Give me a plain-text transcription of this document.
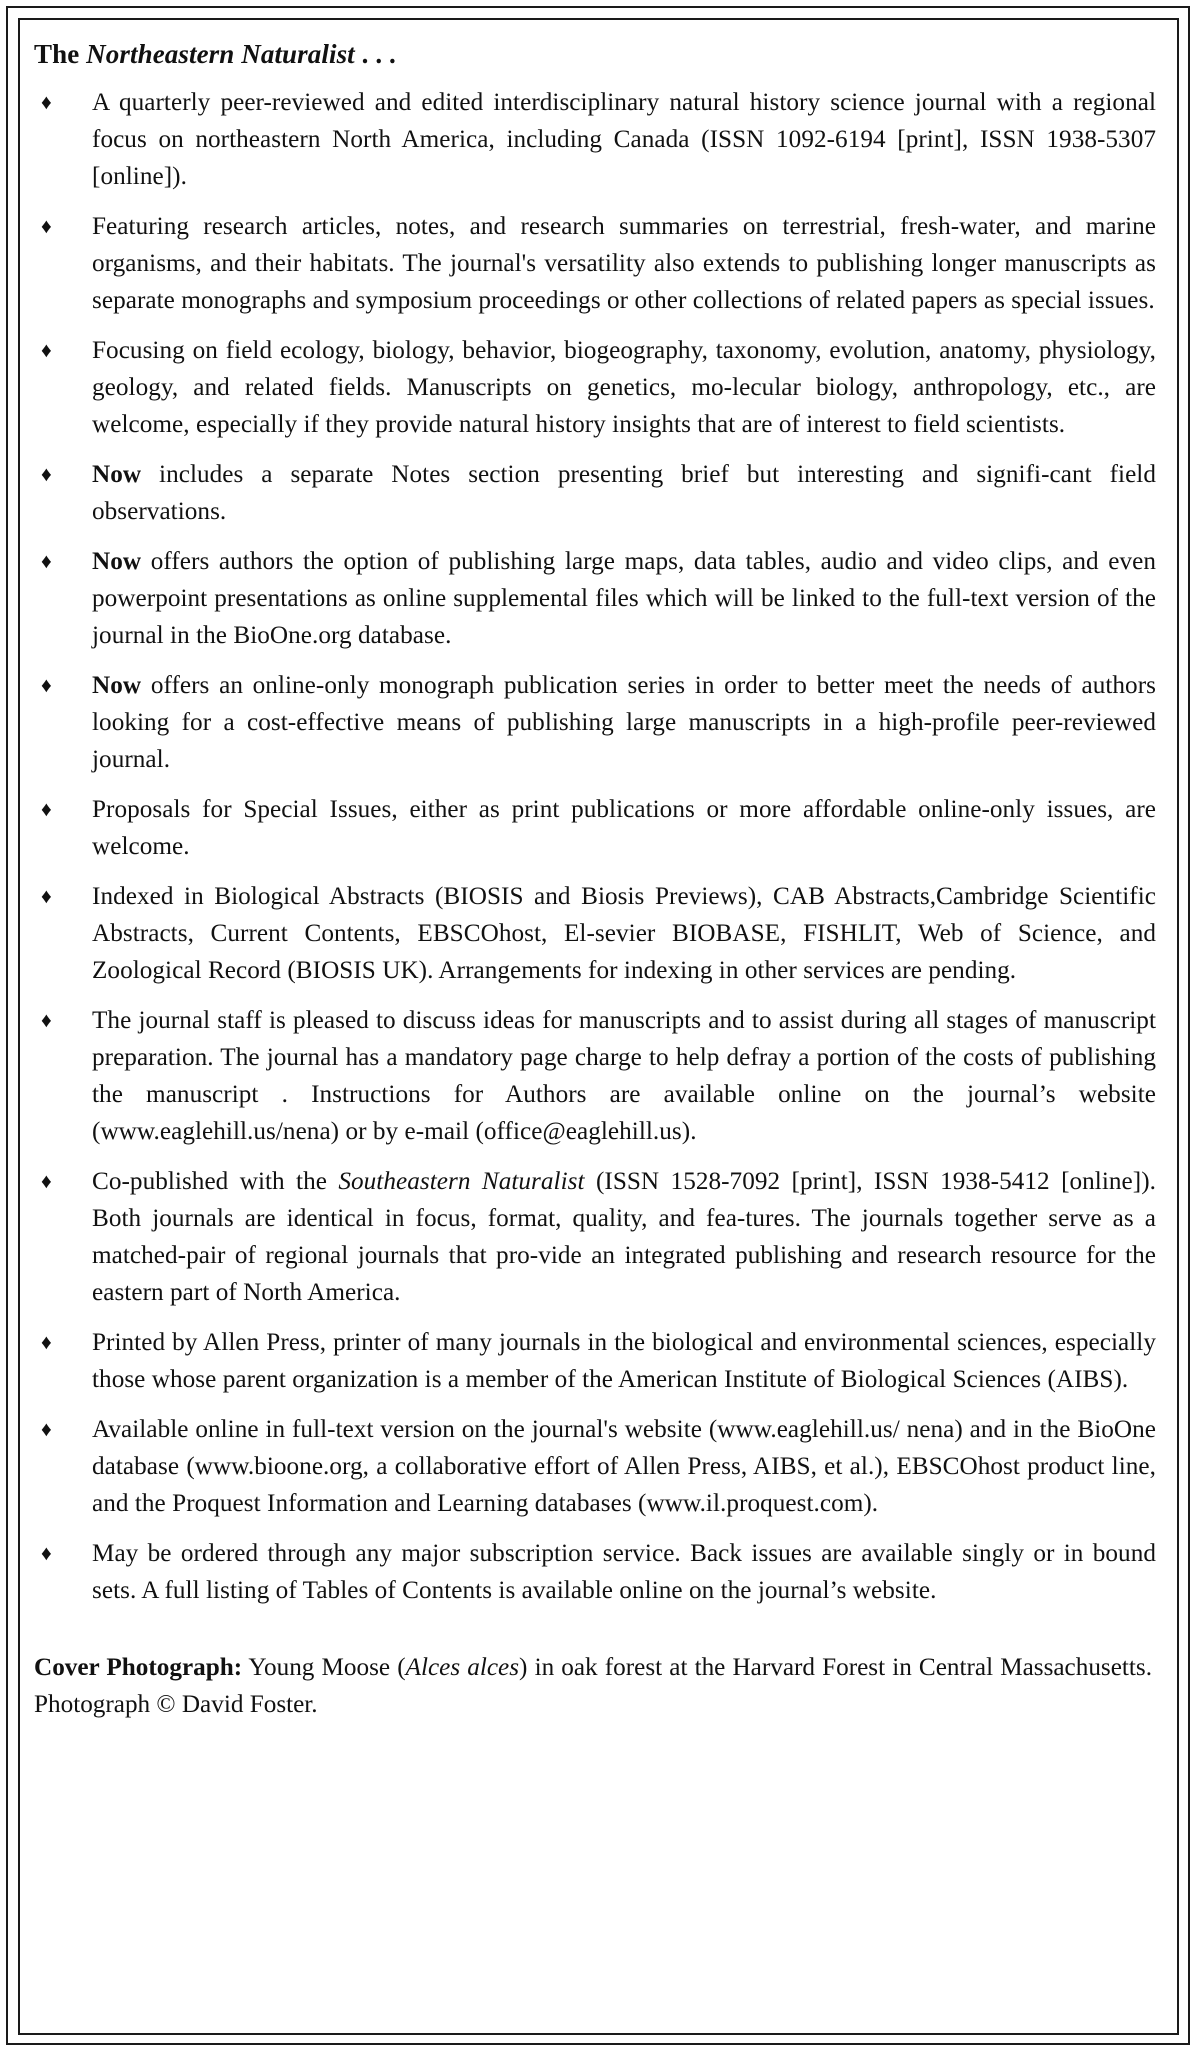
The Northeastern Naturalist . . .
♦ A quarterly peer-reviewed and edited interdisciplinary natural history science journal with a regional focus on northeastern North America, including Canada (ISSN 1092-6194 [print], ISSN 1938-5307 [online]).
♦ Featuring research articles, notes, and research summaries on terrestrial, fresh-water, and marine organisms, and their habitats. The journal's versatility also extends to publishing longer manuscripts as separate monographs and symposium proceedings or other collections of related papers as special issues.
♦ Focusing on field ecology, biology, behavior, biogeography, taxonomy, evolution, anatomy, physiology, geology, and related fields. Manuscripts on genetics, mo-lecular biology, anthropology, etc., are welcome, especially if they provide natural history insights that are of interest to field scientists.
♦ Now includes a separate Notes section presenting brief but interesting and signifi-cant field observations.
♦ Now offers authors the option of publishing large maps, data tables, audio and video clips, and even powerpoint presentations as online supplemental files which will be linked to the full-text version of the journal in the BioOne.org database.
♦ Now offers an online-only monograph publication series in order to better meet the needs of authors looking for a cost-effective means of publishing large manuscripts in a high-profile peer-reviewed journal.
♦ Proposals for Special Issues, either as print publications or more affordable online-only issues, are welcome.
♦ Indexed in Biological Abstracts (BIOSIS and Biosis Previews), CAB Abstracts,Cambridge Scientific Abstracts, Current Contents, EBSCOhost, El-sevier BIOBASE, FISHLIT, Web of Science, and Zoological Record (BIOSIS UK). Arrangements for indexing in other services are pending.
♦ The journal staff is pleased to discuss ideas for manuscripts and to assist during all stages of manuscript preparation. The journal has a mandatory page charge to help defray a portion of the costs of publishing the manuscript . Instructions for Authors are available online on the journal’s website (www.eaglehill.us/nena) or by e-mail (office@eaglehill.us).
♦ Co-published with the Southeastern Naturalist (ISSN 1528-7092 [print], ISSN 1938-5412 [online]). Both journals are identical in focus, format, quality, and fea-tures. The journals together serve as a matched-pair of regional journals that pro-vide an integrated publishing and research resource for the eastern part of North America.
♦ Printed by Allen Press, printer of many journals in the biological and environmental sciences, especially those whose parent organization is a member of the American Institute of Biological Sciences (AIBS).
♦ Available online in full-text version on the journal's website (www.eaglehill.us/ nena) and in the BioOne database (www.bioone.org, a collaborative effort of Allen Press, AIBS, et al.), EBSCOhost product line, and the Proquest Information and Learning databases (www.il.proquest.com).
♦ May be ordered through any major subscription service. Back issues are available singly or in bound sets. A full listing of Tables of Contents is available online on the journal’s website.

Cover Photograph: Young Moose (Alces alces) in oak forest at the Harvard Forest in Central Massachusetts. Photograph © David Foster.
